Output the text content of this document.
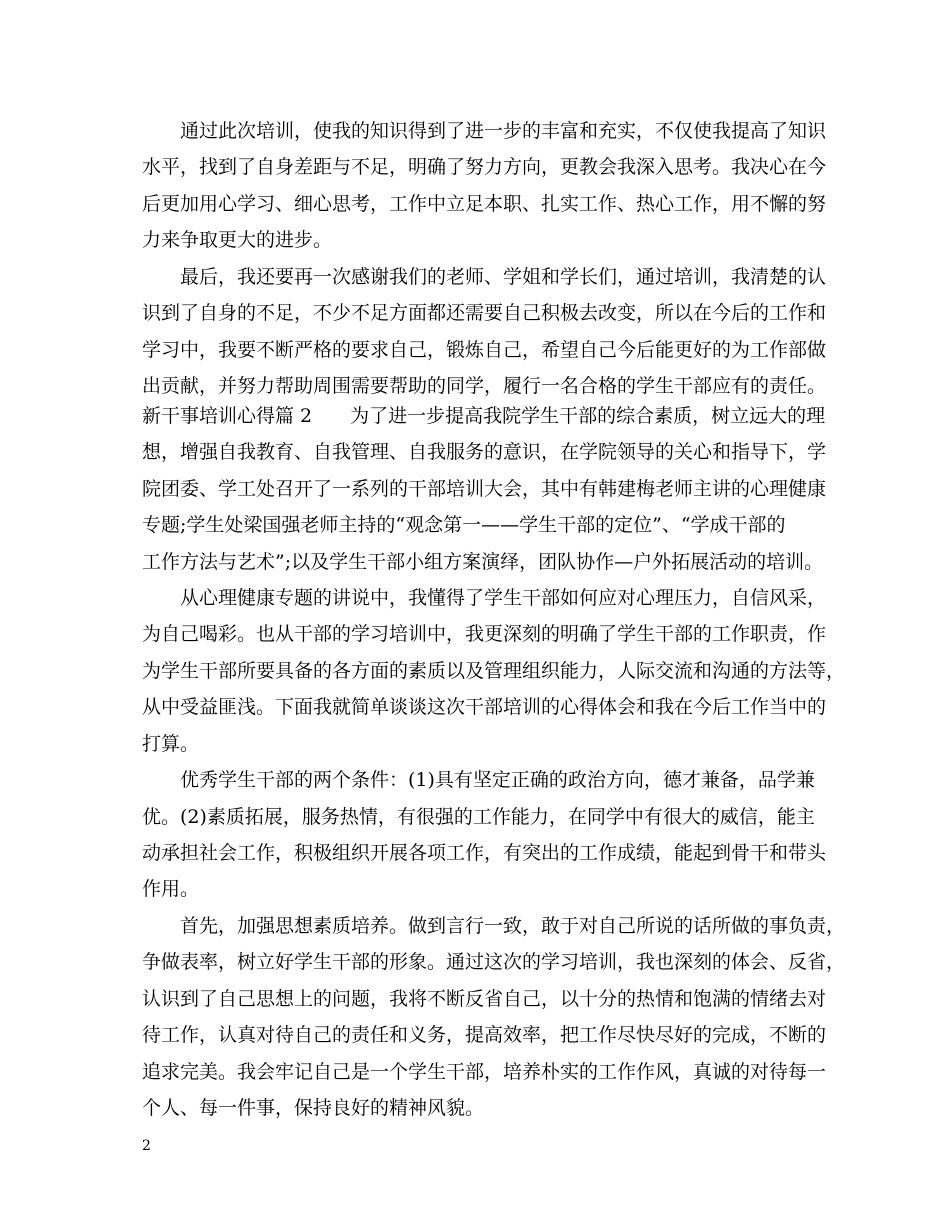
通过此次培训，使我的知识得到了进一步的丰富和充实，不仅使我提高了知识
水平，找到了自身差距与不足，明确了努力方向，更教会我深入思考。我决心在今
后更加用心学习、细心思考，工作中立足本职、扎实工作、热心工作，用不懈的努
力来争取更大的进步。
最后，我还要再一次感谢我们的老师、学姐和学长们，通过培训，我清楚的认
识到了自身的不足，不少不足方面都还需要自己积极去改变，所以在今后的工作和
学习中，我要不断严格的要求自己，锻炼自己，希望自己今后能更好的为工作部做
出贡献，并努力帮助周围需要帮助的同学，履行一名合格的学生干部应有的责任。
新干事培训心得篇 2　　为了进一步提高我院学生干部的综合素质，树立远大的理
想，增强自我教育、自我管理、自我服务的意识，在学院领导的关心和指导下，学
院团委、学工处召开了一系列的干部培训大会，其中有韩建梅老师主讲的心理健康
专题;学生处梁国强老师主持的“观念第一——学生干部的定位”、“学成干部的
工作方法与艺术”;以及学生干部小组方案演绎，团队协作—户外拓展活动的培训。
从心理健康专题的讲说中，我懂得了学生干部如何应对心理压力，自信风采，
为自己喝彩。也从干部的学习培训中，我更深刻的明确了学生干部的工作职责，作
为学生干部所要具备的各方面的素质以及管理组织能力，人际交流和沟通的方法等，
从中受益匪浅。下面我就简单谈谈这次干部培训的心得体会和我在今后工作当中的
打算。
优秀学生干部的两个条件：(1)具有坚定正确的政治方向，德才兼备，品学兼
优。(2)素质拓展，服务热情，有很强的工作能力，在同学中有很大的威信，能主
动承担社会工作，积极组织开展各项工作，有突出的工作成绩，能起到骨干和带头
作用。
首先，加强思想素质培养。做到言行一致，敢于对自己所说的话所做的事负责，
争做表率，树立好学生干部的形象。通过这次的学习培训，我也深刻的体会、反省，
认识到了自己思想上的问题，我将不断反省自己，以十分的热情和饱满的情绪去对
待工作，认真对待自己的责任和义务，提高效率，把工作尽快尽好的完成，不断的
追求完美。我会牢记自己是一个学生干部，培养朴实的工作作风，真诚的对待每一
个人、每一件事，保持良好的精神风貌。
2
